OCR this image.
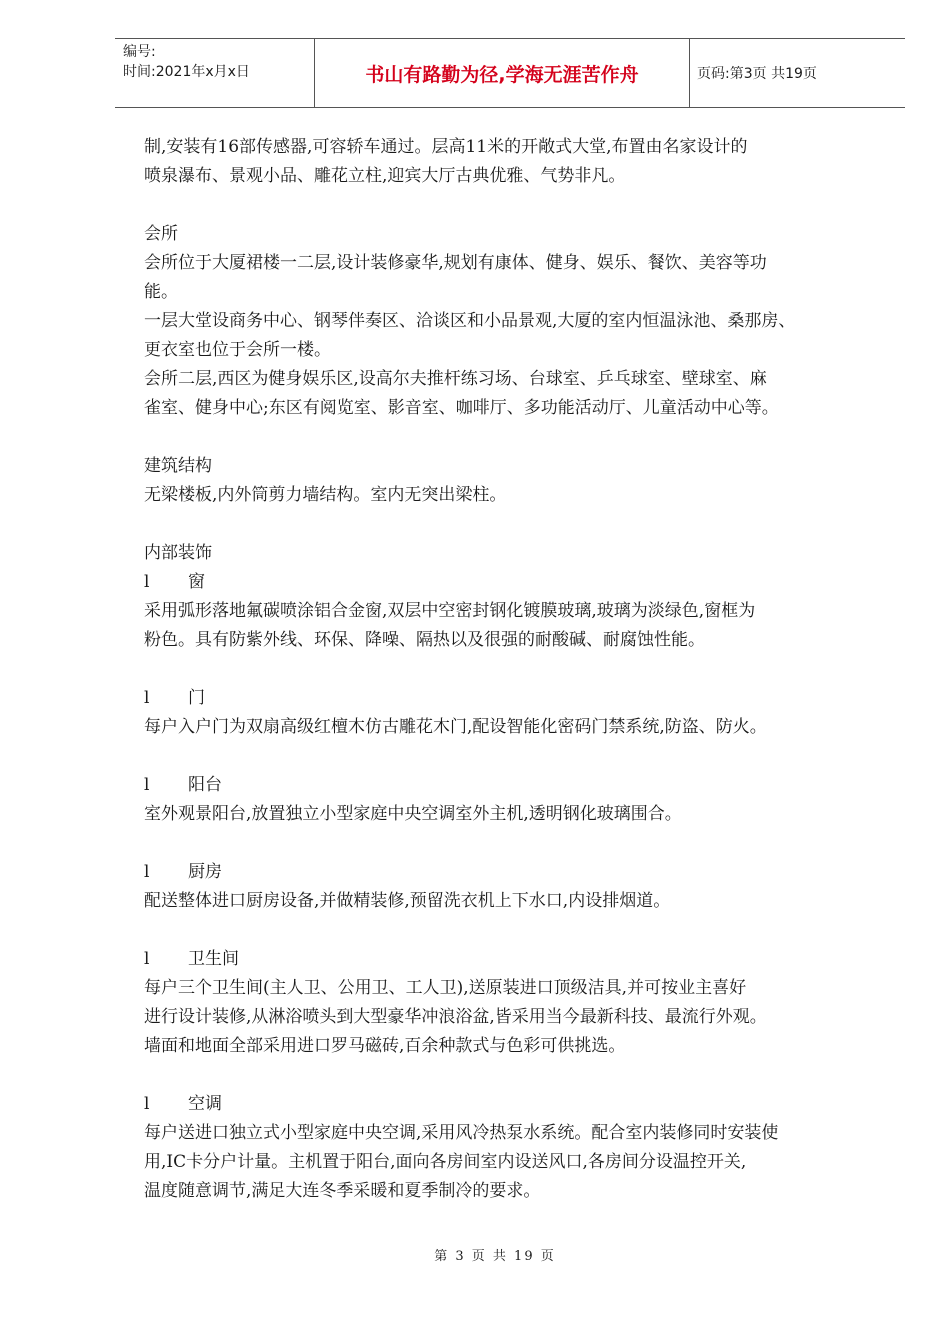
编号:
时间:2021年x月x日	书山有路勤为径,学海无涯苦作舟	页码:第3页 共19页

制,安装有16部传感器,可容轿车通过。层高11米的开敞式大堂,布置由名家设计的

喷泉瀑布、景观小品、雕花立柱,迎宾大厅古典优雅、气势非凡。

会所

会所位于大厦裙楼一二层,设计装修豪华,规划有康体、健身、娱乐、餐饮、美容等功

能。

一层大堂设商务中心、钢琴伴奏区、洽谈区和小品景观,大厦的室内恒温泳池、桑那房、

更衣室也位于会所一楼。

会所二层,西区为健身娱乐区,设高尔夫推杆练习场、台球室、乒乓球室、壁球室、麻

雀室、健身中心;东区有阅览室、影音室、咖啡厅、多功能活动厅、儿童活动中心等。

建筑结构

无梁楼板,内外筒剪力墙结构。室内无突出梁柱。

内部装饰

l	窗

采用弧形落地氟碳喷涂铝合金窗,双层中空密封钢化镀膜玻璃,玻璃为淡绿色,窗框为

粉色。具有防紫外线、环保、降噪、隔热以及很强的耐酸碱、耐腐蚀性能。

l	门

每户入户门为双扇高级红檀木仿古雕花木门,配设智能化密码门禁系统,防盗、防火。

l	阳台

室外观景阳台,放置独立小型家庭中央空调室外主机,透明钢化玻璃围合。

l	厨房

配送整体进口厨房设备,并做精装修,预留洗衣机上下水口,内设排烟道。

l	卫生间

每户三个卫生间(主人卫、公用卫、工人卫),送原装进口顶级洁具,并可按业主喜好

进行设计装修,从淋浴喷头到大型豪华冲浪浴盆,皆采用当今最新科技、最流行外观。

墙面和地面全部采用进口罗马磁砖,百余种款式与色彩可供挑选。

l	空调

每户送进口独立式小型家庭中央空调,采用风冷热泵水系统。配合室内装修同时安装使

用,IC卡分户计量。主机置于阳台,面向各房间室内设送风口,各房间分设温控开关,

温度随意调节,满足大连冬季采暖和夏季制冷的要求。

第 3 页 共 19 页
